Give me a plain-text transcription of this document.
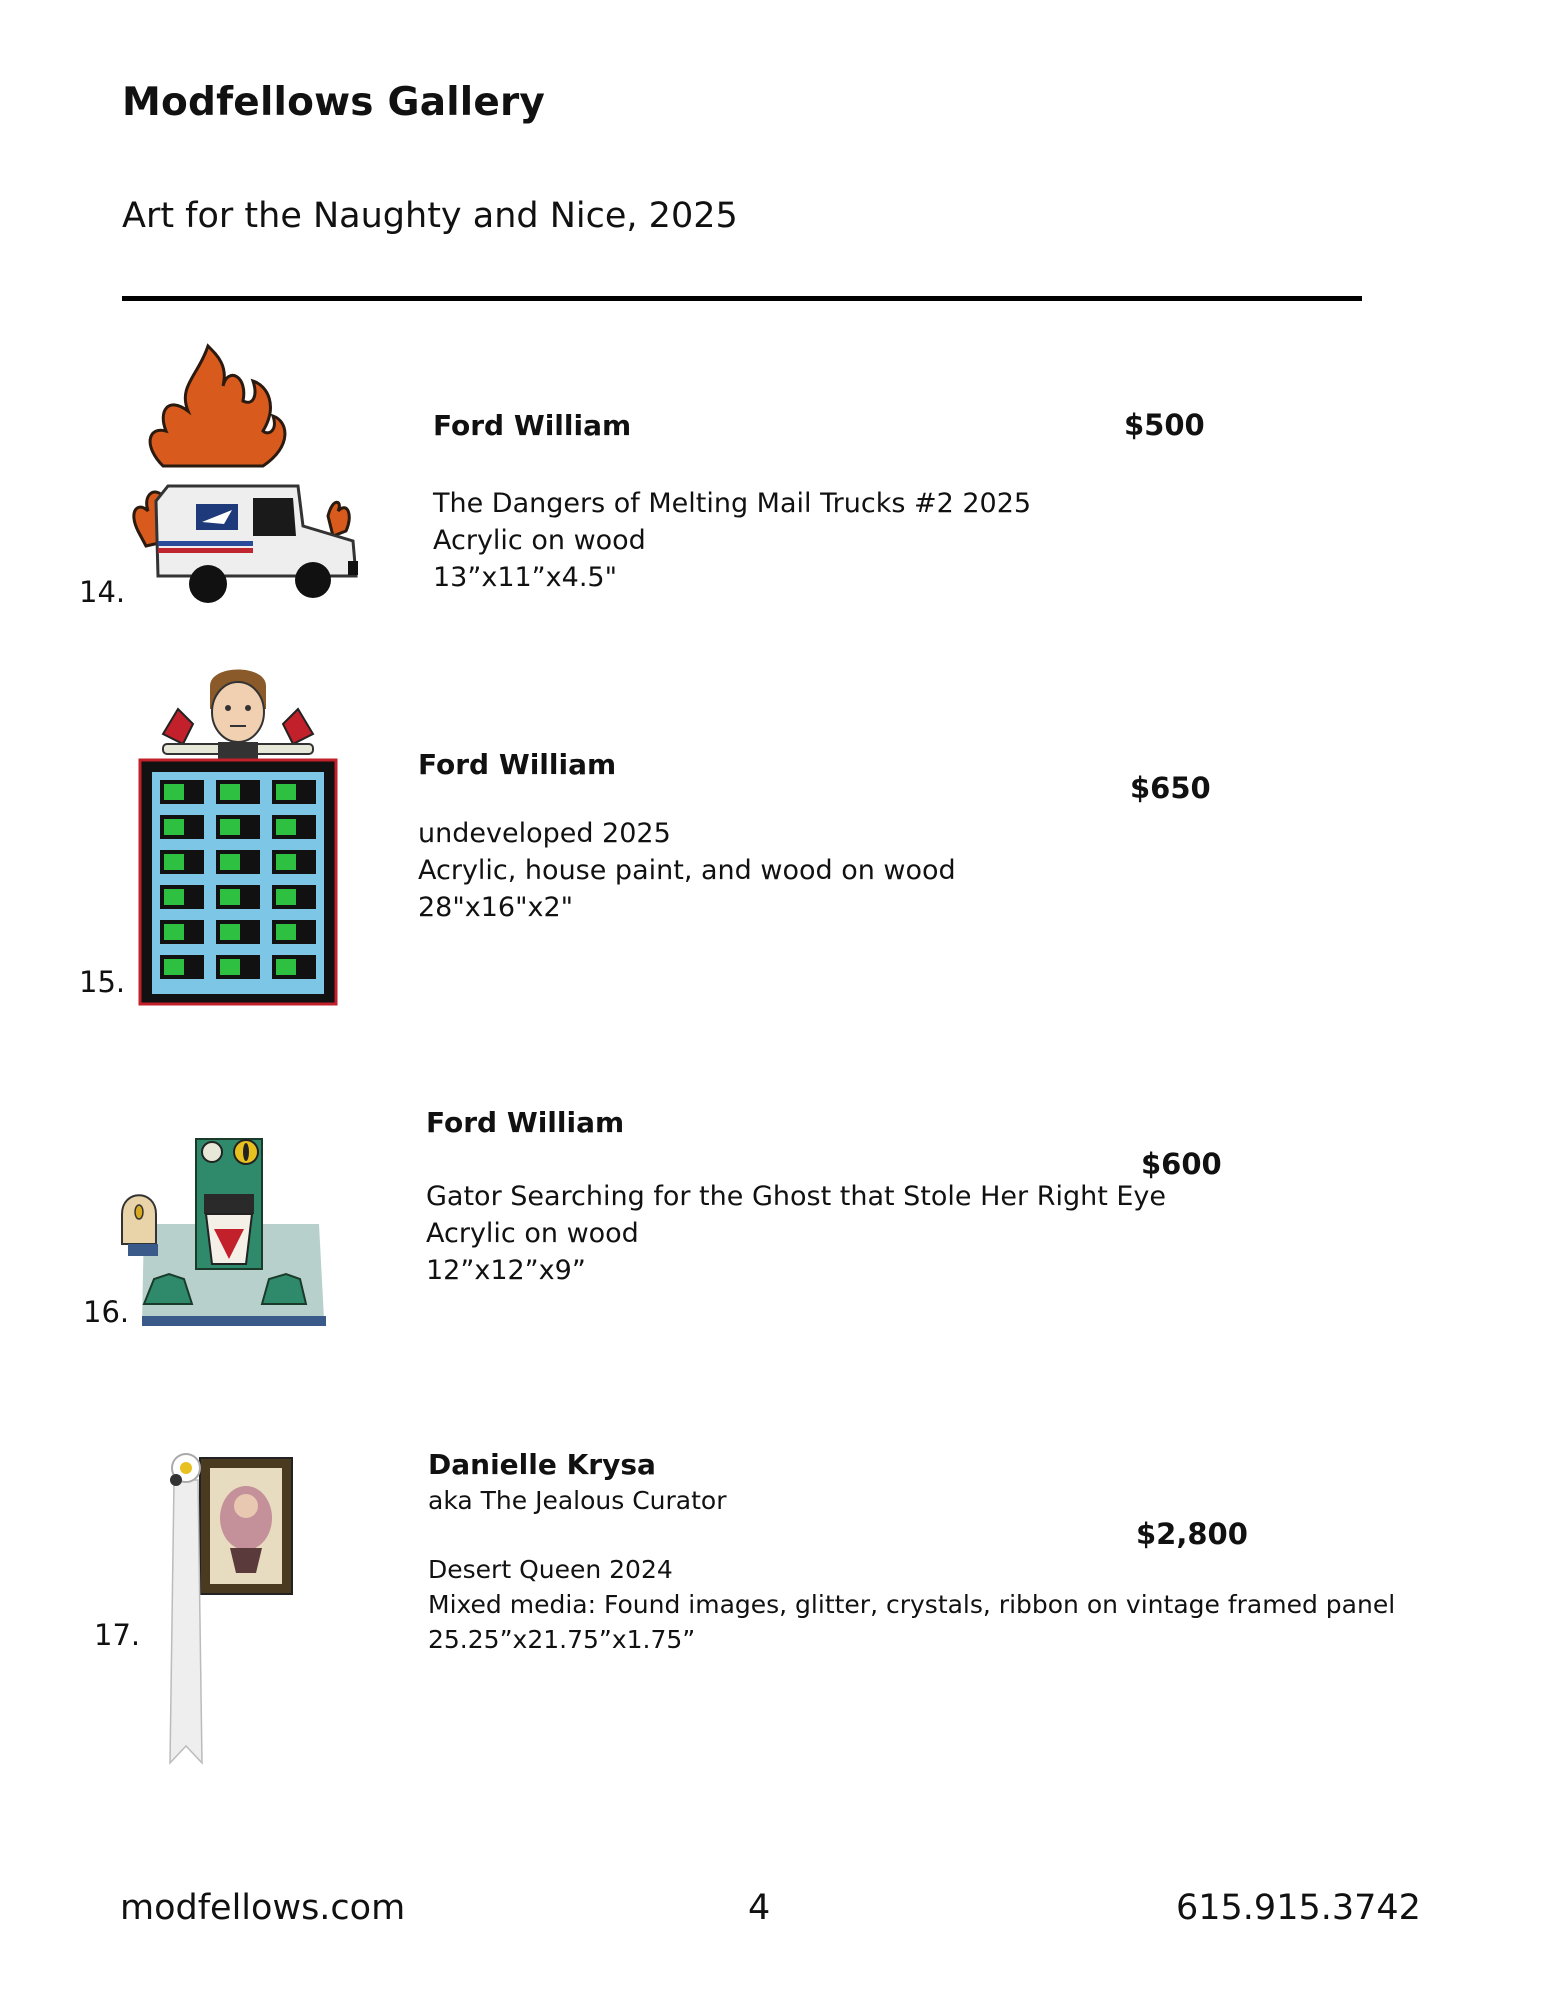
Modfellows Gallery
Art for the Naughty and Nice, 2025
14.
Ford William
The Dangers of Melting Mail Trucks #2 2025
Acrylic on wood
13”x11”x4.5"
$500
15.
Ford William
undeveloped 2025
Acrylic, house paint, and wood on wood
28"x16"x2"
$650
16.
Ford William
Gator Searching for the Ghost that Stole Her Right Eye
Acrylic on wood
12”x12”x9”
$600
17.
Danielle Krysa
aka The Jealous Curator
Desert Queen 2024
Mixed media: Found images, glitter, crystals, ribbon on vintage framed panel
25.25”x21.75”x1.75”
$2,800
modfellows.com	4	615.915.3742
